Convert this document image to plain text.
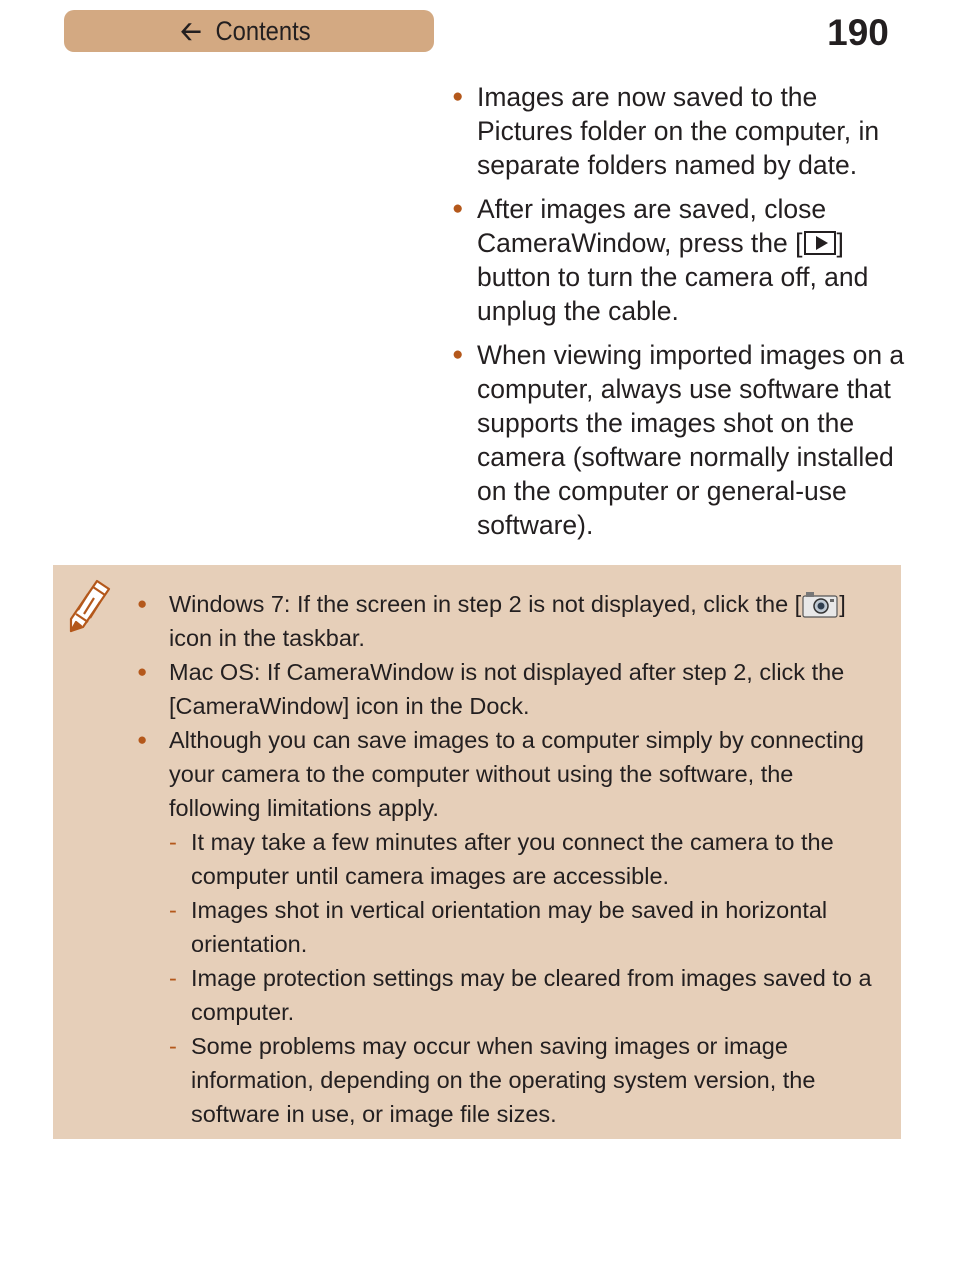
🡠 Contents	190
● Images are now saved to the Pictures folder on the computer, in separate folders named by date.
● After images are saved, close CameraWindow, press the [ ] button to turn the camera off, and unplug the cable.
● When viewing imported images on a computer, always use software that supports the images shot on the camera (software normally installed on the computer or general-use software).
● Windows 7: If the screen in step 2 is not displayed, click the [ ] icon in the taskbar.
● Mac OS: If CameraWindow is not displayed after step 2, click the [CameraWindow] icon in the Dock.
● Although you can save images to a computer simply by connecting your camera to the computer without using the software, the following limitations apply.
- It may take a few minutes after you connect the camera to the computer until camera images are accessible.
- Images shot in vertical orientation may be saved in horizontal orientation.
- Image protection settings may be cleared from images saved to a computer.
- Some problems may occur when saving images or image information, depending on the operating system version, the software in use, or image file sizes.
